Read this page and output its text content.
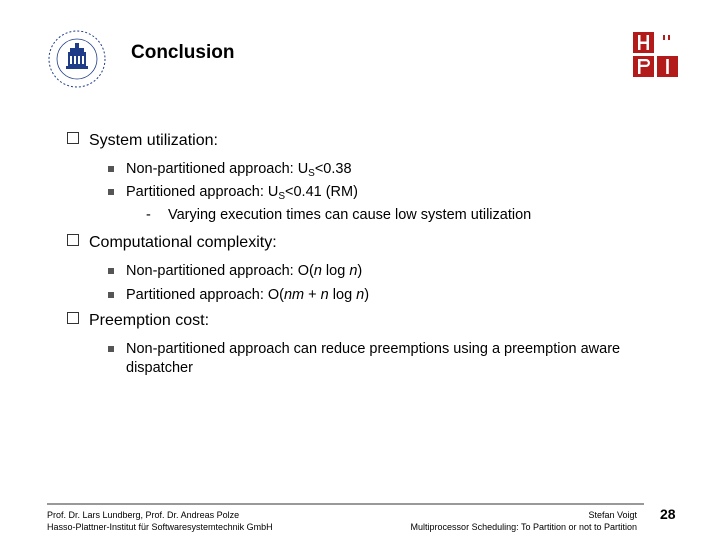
Conclusion
System utilization:
Non-partitioned approach: $U_S<0.38$
Partitioned approach: $U_S<0.41$ (RM)
- Varying execution times can cause low system utilization
Computational complexity:
Non-partitioned approach: O(n log n)
Partitioned approach: O(nm + n log n)
Preemption cost:
Non-partitioned approach can reduce preemptions using a preemption aware dispatcher
Prof. Dr. Lars Lundberg, Prof. Dr. Andreas Polze
Hasso-Plattner-Institut für Softwaresystemtechnik GmbH
Stefan Voigt
Multiprocessor Scheduling: To Partition or not to Partition
28
